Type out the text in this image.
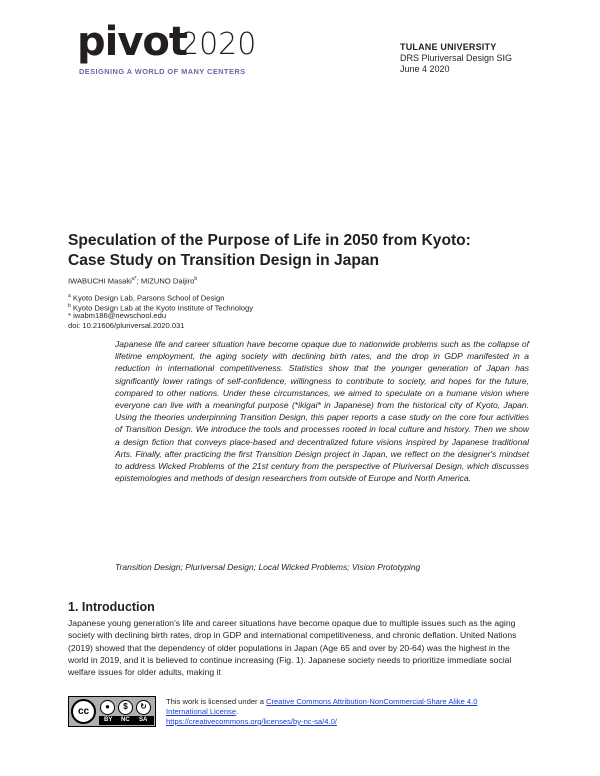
pivot
2020
DESIGNING A WORLD OF MANY CENTERS
TULANE UNIVERSITY
DRS Pluriversal Design SIG
June 4 2020
Speculation of the Purpose of Life in 2050 from Kyoto:
Case Study on Transition Design in Japan
IWABUCHI Masaki$^{a*}$; MIZUNO Daijiro$^b$
$^a$ Kyoto Design Lab, Parsons School of Design
$^b$ Kyoto Design Lab at the Kyoto Institute of Technology
* iwabm186@newschool.edu
doi: 10.21606/pluriversal.2020.031
Japanese life and career situation have become opaque due to nationwide problems such as the collapse of lifetime employment, the aging society with declining birth rates, and the drop in GDP manifested in a reduction in international competitiveness. Statistics show that the younger generation of Japan has significantly lower ratings of self-confidence, willingness to contribute to society, and hopes for the future, compared to other nations. Under these circumstances, we aimed to speculate on a humane vision where everyone can live with a meaningful purpose (*ikigai* in Japanese) from the historical city of Kyoto, Japan. Using the theories underpinning Transition Design, this paper reports a case study on the core four activities of Transition Design. We introduce the tools and processes rooted in local culture and history. Then we show a design fiction that conveys place-based and decentralized future visions inspired by Japanese traditional Arts. Finally, after practicing the first Transition Design project in Japan, we reflect on the designer's mindset to address Wicked Problems of the 21st century from the perspective of Pluriversal Design, which discusses epistemologies and methods of design researchers from outside of Europe and North America.
Transition Design; Pluriversal Design; Local Wicked Problems; Vision Prototyping
1. Introduction
Japanese young generation's life and career situations have become opaque due to multiple issues such as the aging society with declining birth rates, drop in GDP and international competitiveness, and chronic deflation. United Nations (2019) showed that the dependency of older populations in Japan (Age 65 and over by 20-64) was the highest in the world in 2019, and it is believed to continue increasing (Fig. 1). Japanese society needs to prioritize immediate social welfare issues for older adults, making it
cc	●	$	↻
BY NC SA
This work is licensed under a Creative Commons Attribution-NonCommercial-Share Alike 4.0 International License.
https://creativecommons.org/licenses/by-nc-sa/4.0/
